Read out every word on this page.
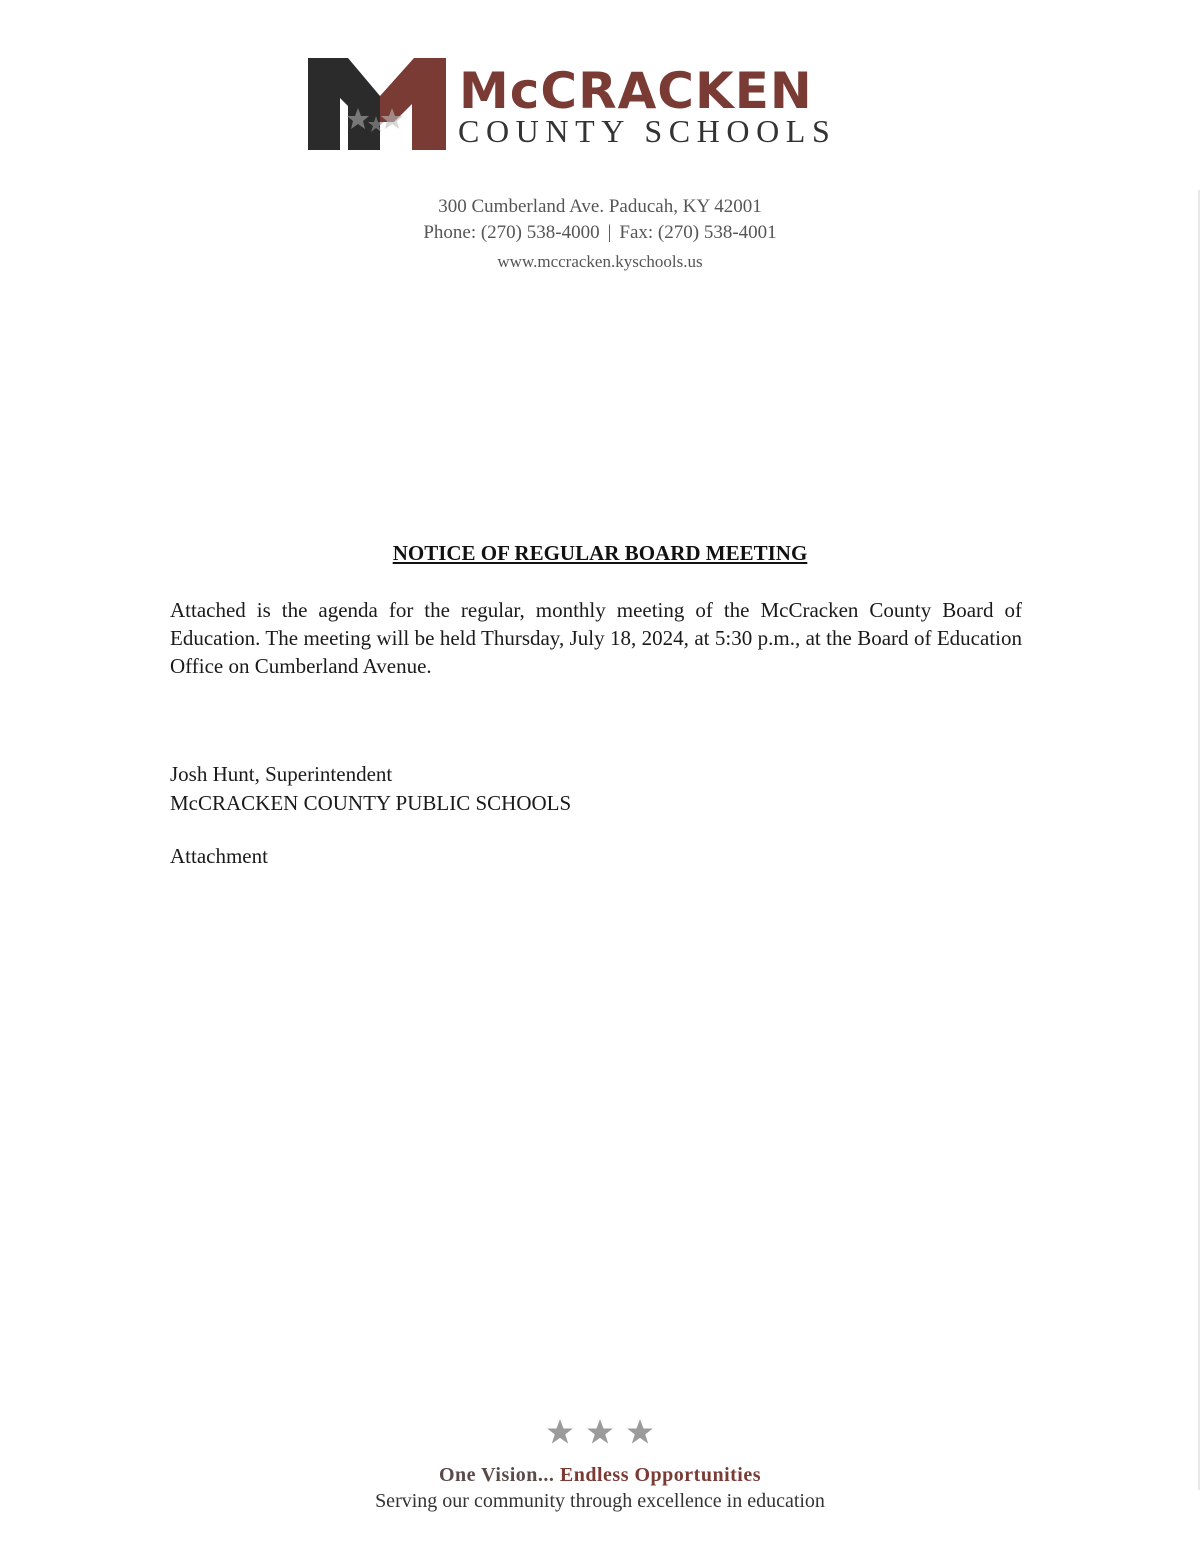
McCRACKEN
COUNTY SCHOOLS
300 Cumberland Ave. Paducah, KY 42001
Phone: (270) 538-4000 | Fax: (270) 538-4001
www.mccracken.kyschools.us
NOTICE OF REGULAR BOARD MEETING

Attached is the agenda for the regular, monthly meeting of the McCracken County Board of Education. The meeting will be held Thursday, July 18, 2024, at 5:30 p.m., at the Board of Education Office on Cumberland Avenue.

Josh Hunt, Superintendent
McCRACKEN COUNTY PUBLIC SCHOOLS
Attachment

One Vision... Endless Opportunities
Serving our community through excellence in education
